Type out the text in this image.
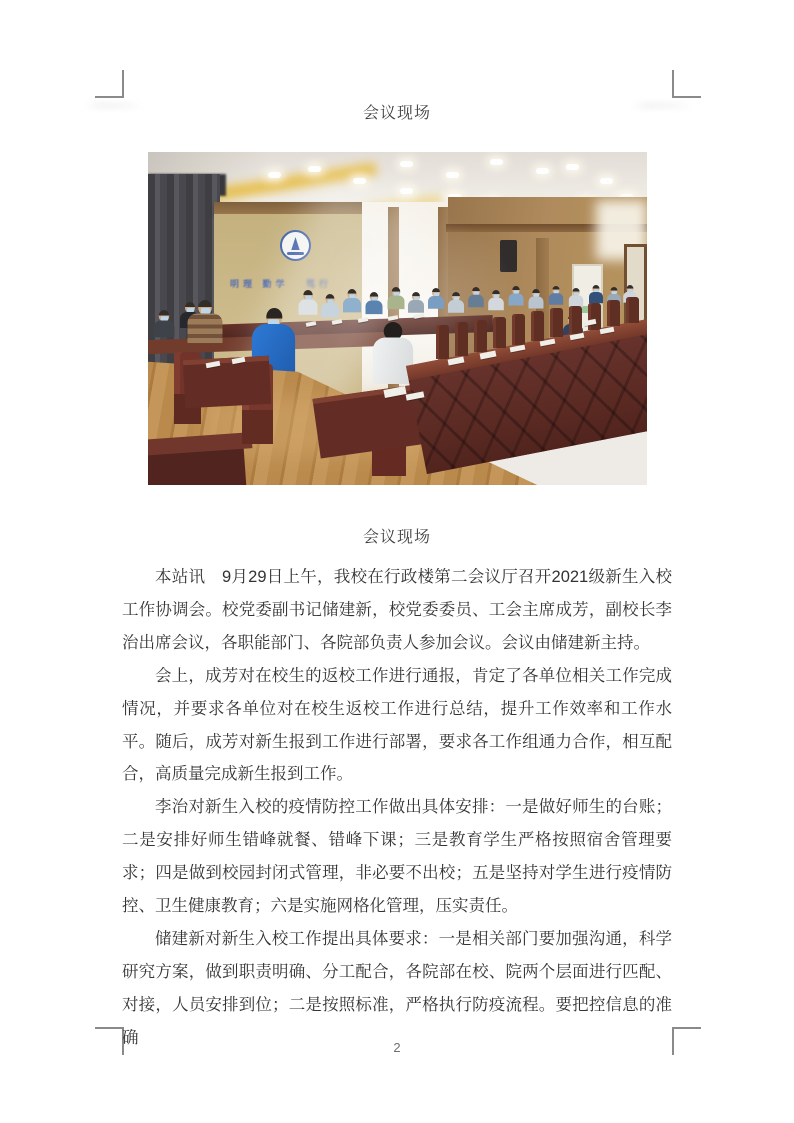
会议现场
明理 勤学 笃行
会议现场

本站讯　9月29日上午，我校在行政楼第二会议厅召开2021级新生入校工作协调会。校党委副书记储建新，校党委委员、工会主席成芳，副校长李治出席会议，各职能部门、各院部负责人参加会议。会议由储建新主持。

会上，成芳对在校生的返校工作进行通报，肯定了各单位相关工作完成情况，并要求各单位对在校生返校工作进行总结，提升工作效率和工作水平。随后，成芳对新生报到工作进行部署，要求各工作组通力合作，相互配合，高质量完成新生报到工作。

李治对新生入校的疫情防控工作做出具体安排：一是做好师生的台账；二是安排好师生错峰就餐、错峰下课；三是教育学生严格按照宿舍管理要求；四是做到校园封闭式管理，非必要不出校；五是坚持对学生进行疫情防控、卫生健康教育；六是实施网格化管理，压实责任。

储建新对新生入校工作提出具体要求：一是相关部门要加强沟通，科学研究方案，做到职责明确、分工配合，各院部在校、院两个层面进行匹配、对接，人员安排到位；二是按照标准，严格执行防疫流程。要把控信息的准确

2
